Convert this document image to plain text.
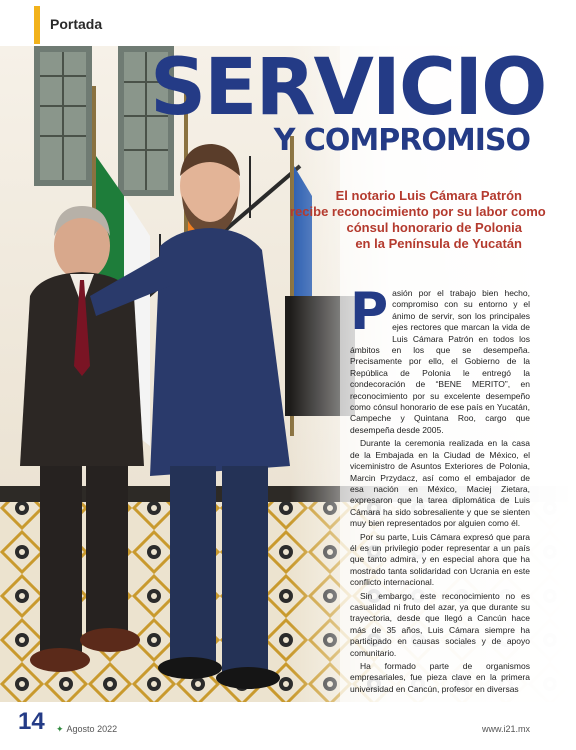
Portada
SERVICIO
Y COMPROMISO
El notario Luis Cámara Patrón
recibe reconocimiento por su labor como
cónsul honorario de Polonia
en la Península de Yucatán
P asión por el trabajo bien hecho, compromiso con su entorno y el ánimo de servir, son los principales ejes rectores que marcan la vida de Luis Cámara Patrón en todos los ámbitos en los que se desempeña. Precisamente por ello, el Gobierno de la República de Polonia le entregó la condecoración de “BENE MERITO”, en reconocimiento por su excelente desempeño como cónsul honorario de ese país en Yucatán, Campeche y Quintana Roo, cargo que desempeña desde 2005.

Durante la ceremonia realizada en la casa de la Embajada en la Ciudad de México, el viceministro de Asuntos Exteriores de Polonia, Marcin Przydacz, así como el embajador de esa nación en México, Maciej Zietara, expresaron que la tarea diplomática de Luis Cámara ha sido sobresaliente y que se sienten muy bien representados por alguien como él.

Por su parte, Luis Cámara expresó que para él es un privilegio poder representar a un país que tanto admira, y en especial ahora que ha mostrado tanta solidaridad con Ucrania en este conflicto internacional.

Sin embargo, este reconocimiento no es casualidad ni fruto del azar, ya que durante su trayectoria, desde que llegó a Cancún hace más de 35 años, Luis Cámara siempre ha participado en causas sociales y de apoyo comunitario.

Ha formado parte de organismos empresariales, fue pieza clave en la primera universidad en Cancún, profesor en diversas

14 ✦ Agosto 2022	www.i21.mx
